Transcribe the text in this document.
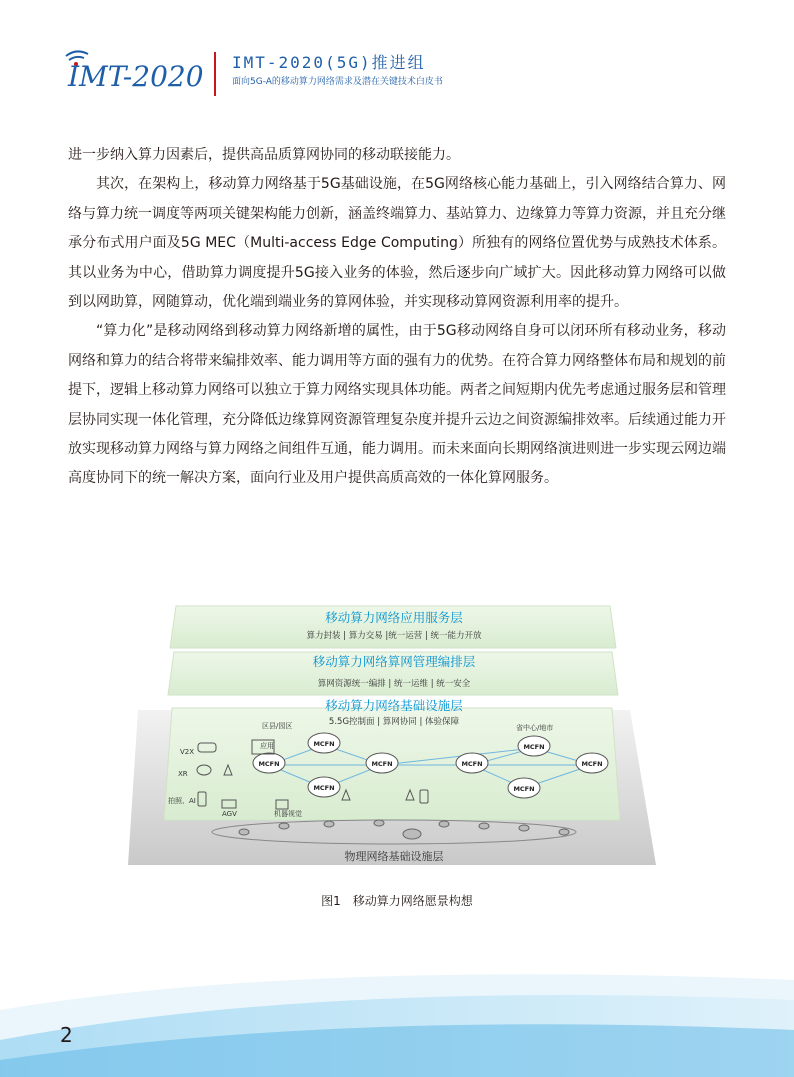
IMT-2020 IMT-2020(5G)推进组
面向5G-A的移动算力网络需求及潜在关键技术白皮书

进一步纳入算力因素后，提供高品质算网协同的移动联接能力。

其次，在架构上，移动算力网络基于5G基础设施，在5G网络核心能力基础上，引入网络结合算力、网络与算力统一调度等两项关键架构能力创新，涵盖终端算力、基站算力、边缘算力等算力资源，并且充分继承分布式用户面及5G MEC（Multi-access Edge Computing）所独有的网络位置优势与成熟技术体系。其以业务为中心，借助算力调度提升5G接入业务的体验，然后逐步向广域扩大。因此移动算力网络可以做到以网助算，网随算动，优化端到端业务的算网体验，并实现移动算网资源利用率的提升。

“算力化”是移动网络到移动算力网络新增的属性，由于5G移动网络自身可以闭环所有移动业务，移动网络和算力的结合将带来编排效率、能力调用等方面的强有力的优势。在符合算力网络整体布局和规划的前提下，逻辑上移动算力网络可以独立于算力网络实现具体功能。两者之间短期内优先考虑通过服务层和管理层协同实现一体化管理，充分降低边缘算网资源管理复杂度并提升云边之间资源编排效率。后续通过能力开放实现移动算力网络与算力网络之间组件互通，能力调用。而未来面向长期网络演进则进一步实现云网边端高度协同下的统一解决方案，面向行业及用户提供高质高效的一体化算网服务。

移动算力网络应用服务层
算力封装 | 算力交易 |统一运营 | 统一能力开放
移动算力网络算网管理编排层
算网资源统一编排 | 统一运维 | 统一安全
移动算力网络基础设施层
5.5G控制面 | 算网协同 | 体验保障
区县/园区	省中心/地市
应用
V2X
XR
拍照、AI
AGV	机器视觉
MCFN
MCFN
MCFN
MCFN	MCFN
MCFN
MCFN
MCFN
物理网络基础设施层
图1　移动算力网络愿景构想
2
